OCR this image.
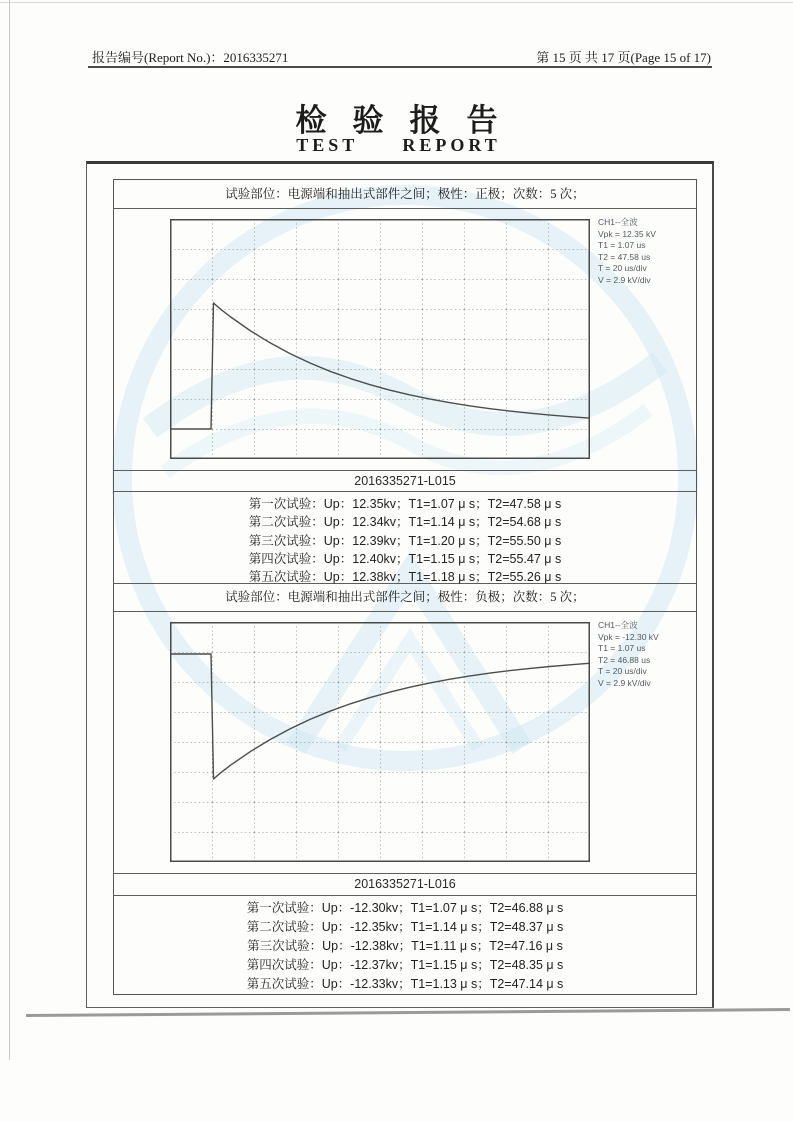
报告编号(Report No.)：2016335271	第 15 页 共 17 页(Page 15 of 17)
检验报告
TEST REPORT
试验部位：电源端和抽出式部件之间；极性：正极；次数：5 次；
CH1--全波
Vpk = 12.35 kV
T1 = 1.07 us
T2 = 47.58 us
T = 20 us/div
V = 2.9 kV/div
2016335271-L015
第一次试验：Up：12.35kv；T1=1.07 μ s；T2=47.58 μ s
第二次试验：Up：12.34kv；T1=1.14 μ s；T2=54.68 μ s
第三次试验：Up：12.39kv；T1=1.20 μ s；T2=55.50 μ s
第四次试验：Up：12.40kv；T1=1.15 μ s；T2=55.47 μ s
第五次试验：Up：12.38kv；T1=1.18 μ s；T2=55.26 μ s
试验部位：电源端和抽出式部件之间；极性：负极；次数：5 次；
CH1--全波
Vpk = -12.30 kV
T1 = 1.07 us
T2 = 46.88 us
T = 20 us/div
V = 2.9 kV/div
2016335271-L016
第一次试验：Up：-12.30kv；T1=1.07 μ s；T2=46.88 μ s
第二次试验：Up：-12.35kv；T1=1.14 μ s；T2=48.37 μ s
第三次试验：Up：-12.38kv；T1=1.11 μ s；T2=47.16 μ s
第四次试验：Up：-12.37kv；T1=1.15 μ s；T2=48.35 μ s
第五次试验：Up：-12.33kv；T1=1.13 μ s；T2=47.14 μ s
